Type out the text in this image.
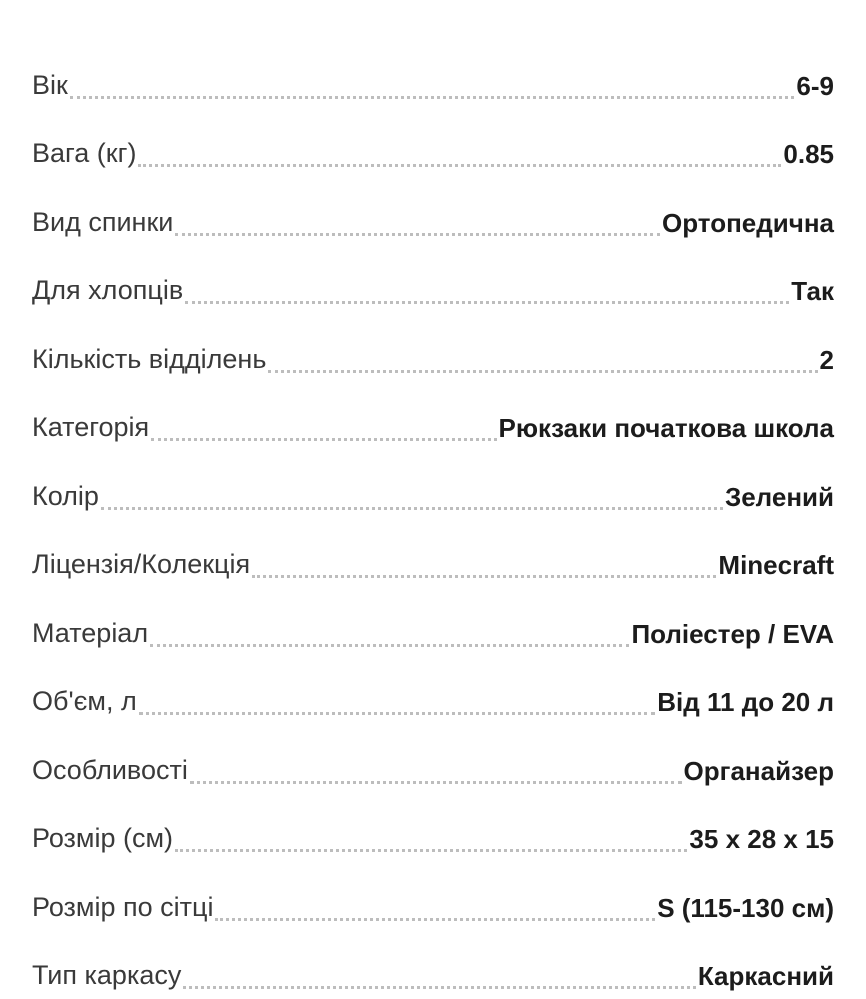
Вік	6-9
Вага (кг)	0.85
Вид спинки	Ортопедична
Для хлопців	Так
Кількість відділень	2
Категорія	Рюкзаки початкова школа
Колір	Зелений
Ліцензія/Колекція	Minecraft
Матеріал	Поліестер / EVA
Об'єм, л	Від 11 до 20 л
Особливості	Органайзер
Розмір (см)	35 x 28 x 15
Розмір по сітці	S (115-130 см)
Тип каркасу	Каркасний
